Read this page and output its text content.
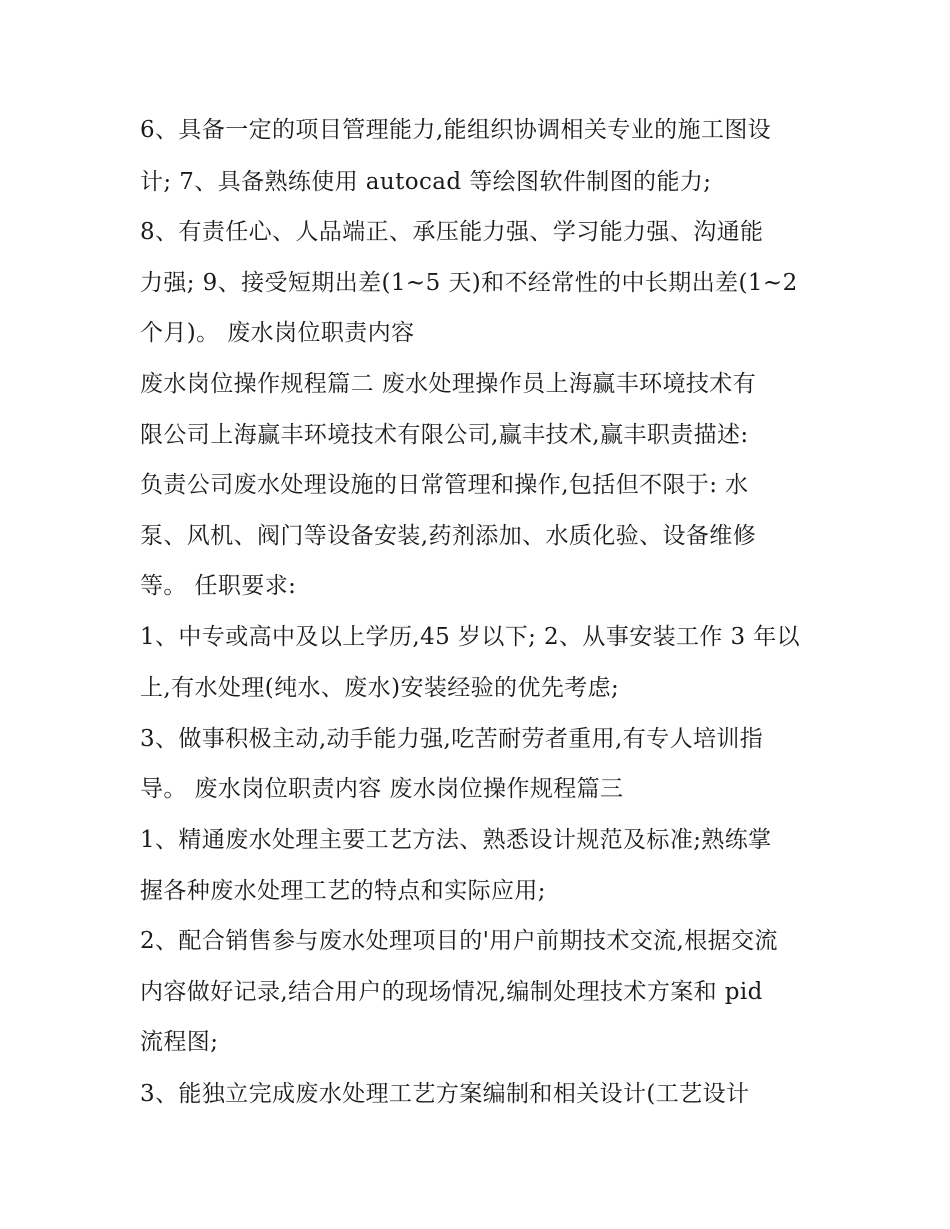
6、具备一定的项目管理能力,能组织协调相关专业的施工图设
计; 7、具备熟练使用 autocad 等绘图软件制图的能力;
8、有责任心、人品端正、承压能力强、学习能力强、沟通能
力强; 9、接受短期出差(1~5 天)和不经常性的中长期出差(1~2
个月)。 废水岗位职责内容
废水岗位操作规程篇二 废水处理操作员上海赢丰环境技术有
限公司上海赢丰环境技术有限公司,赢丰技术,赢丰职责描述:
负责公司废水处理设施的日常管理和操作,包括但不限于: 水
泵、风机、阀门等设备安装,药剂添加、水质化验、设备维修
等。 任职要求:
1、中专或高中及以上学历,45 岁以下; 2、从事安装工作 3 年以
上,有水处理(纯水、废水)安装经验的优先考虑;
3、做事积极主动,动手能力强,吃苦耐劳者重用,有专人培训指
导。 废水岗位职责内容 废水岗位操作规程篇三
1、精通废水处理主要工艺方法、熟悉设计规范及标准;熟练掌
握各种废水处理工艺的特点和实际应用;
2、配合销售参与废水处理项目的'用户前期技术交流,根据交流
内容做好记录,结合用户的现场情况,编制处理技术方案和 pid
流程图;
3、能独立完成废水处理工艺方案编制和相关设计(工艺设计
